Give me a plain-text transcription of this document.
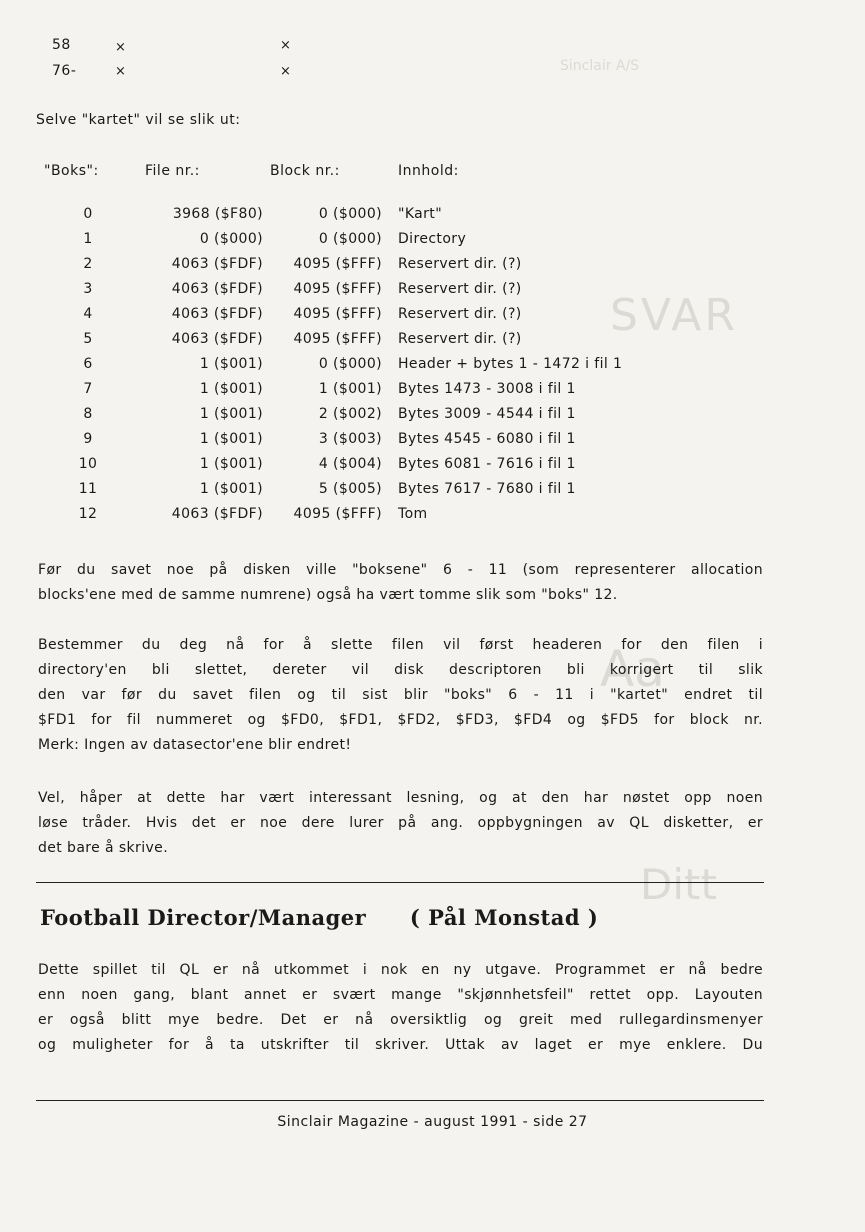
Sinclair A/S
SVAR
Aa
Ditt
58	×	×
76-	×	×
Selve "kartet" vil se slik ut:
"Boks":	File nr.:	Block nr.:	Innhold:
0	3968 ($F80)	0 ($000) "Kart"
1	0 ($000)	0 ($000) Directory
2	4063 ($FDF)	4095 ($FFF) Reservert dir. (?)
3	4063 ($FDF)	4095 ($FFF) Reservert dir. (?)
4	4063 ($FDF)	4095 ($FFF) Reservert dir. (?)
5	4063 ($FDF)	4095 ($FFF) Reservert dir. (?)
6	1 ($001)	0 ($000) Header + bytes 1 - 1472 i fil 1
7	1 ($001)	1 ($001) Bytes 1473 - 3008 i fil 1
8	1 ($001)	2 ($002) Bytes 3009 - 4544 i fil 1
9	1 ($001)	3 ($003) Bytes 4545 - 6080 i fil 1
10	1 ($001)	4 ($004) Bytes 6081 - 7616 i fil 1
11	1 ($001)	5 ($005) Bytes 7617 - 7680 i fil 1
12	4063 ($FDF)	4095 ($FFF) Tom
Før du savet noe på disken ville "boksene" 6 - 11 (som representerer allocation
blocks'ene med de samme numrene) også ha vært tomme slik som "boks" 12.
Bestemmer du deg nå for å slette filen vil først headeren for den filen i
directory'en bli slettet, dereter vil disk descriptoren bli korrigert til slik
den var før du savet filen og til sist blir "boks" 6 - 11 i "kartet" endret til
$FD1 for fil nummeret og $FD0, $FD1, $FD2, $FD3, $FD4 og $FD5 for block nr.
Merk: Ingen av datasector'ene blir endret!
Vel, håper at dette har vært interessant lesning, og at den har nøstet opp noen
løse tråder. Hvis det er noe dere lurer på ang. oppbygningen av QL disketter, er
det bare å skrive.
Football Director/Manager ( Pål Monstad )
Dette spillet til QL er nå utkommet i nok en ny utgave. Programmet er nå bedre
enn noen gang, blant annet er svært mange "skjønnhetsfeil" rettet opp. Layouten
er også blitt mye bedre. Det er nå oversiktlig og greit med rullegardinsmenyer
og muligheter for å ta utskrifter til skriver. Uttak av laget er mye enklere. Du
Sinclair Magazine - august 1991 - side 27
